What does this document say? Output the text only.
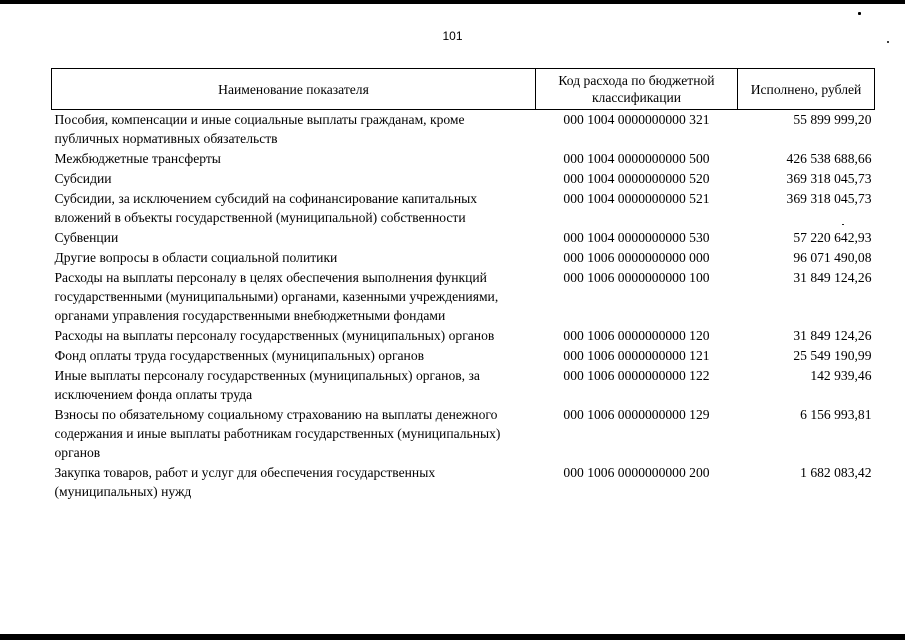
101
Наименование показателя	Код расхода по бюджетной классификации	Исполнено, рублей
Пособия, компенсации и иные социальные выплаты гражданам, кроме публичных нормативных обязательств	000 1004 0000000000 321	55 899 999,20
Межбюджетные трансферты	000 1004 0000000000 500	426 538 688,66
Субсидии	000 1004 0000000000 520	369 318 045,73
Субсидии, за исключением субсидий на софинансирование капитальных вложений в объекты государственной (муниципальной) собственности	000 1004 0000000000 521	369 318 045,73
Субвенции	000 1004 0000000000 530	57 220 642,93
Другие вопросы в области социальной политики	000 1006 0000000000 000	96 071 490,08
Расходы на выплаты персоналу в целях обеспечения выполнения функций государственными (муниципальными) органами, казенными учреждениями, органами управления государственными внебюджетными фондами	000 1006 0000000000 100	31 849 124,26
Расходы на выплаты персоналу государственных (муниципальных) органов	000 1006 0000000000 120	31 849 124,26
Фонд оплаты труда государственных (муниципальных) органов	000 1006 0000000000 121	25 549 190,99
Иные выплаты персоналу государственных (муниципальных) органов, за исключением фонда оплаты труда	000 1006 0000000000 122	142 939,46
Взносы по обязательному социальному страхованию на выплаты денежного содержания и иные выплаты работникам государственных (муниципальных) органов	000 1006 0000000000 129	6 156 993,81
Закупка товаров, работ и услуг для обеспечения государственных (муниципальных) нужд	000 1006 0000000000 200	1 682 083,42
